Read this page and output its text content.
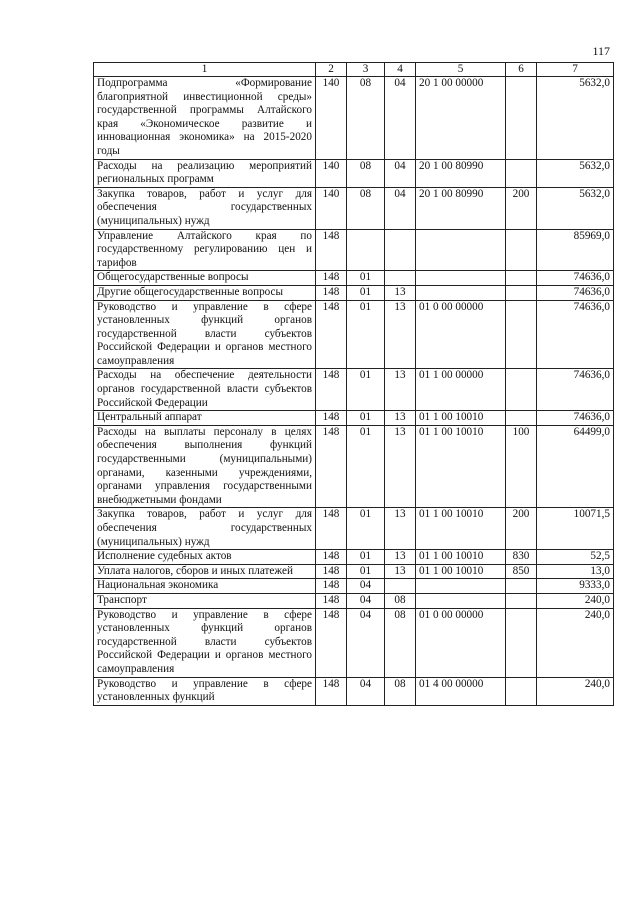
117
1	2	3	4	5	6	7
Подпрограмма «Формирование благоприятной инвестиционной среды» государственной программы Алтайского края «Экономическое развитие и инновационная экономика» на 2015-2020 годы	140	08	04	20 1 00 00000		5632,0
Расходы на реализацию мероприятий региональных программ	140	08	04	20 1 00 80990		5632,0
Закупка товаров, работ и услуг для обеспечения государственных (муниципальных) нужд	140	08	04	20 1 00 80990	200	5632,0
Управление Алтайского края по государственному регулированию цен и тарифов	148					85969,0
Общегосударственные вопросы	148	01				74636,0
Другие общегосударственные вопросы	148	01	13			74636,0
Руководство и управление в сфере установленных функций органов государственной власти субъектов Российской Федерации и органов местного самоуправления	148	01	13	01 0 00 00000		74636,0
Расходы на обеспечение деятельности органов государственной власти субъектов Российской Федерации	148	01	13	01 1 00 00000		74636,0
Центральный аппарат	148	01	13	01 1 00 10010		74636,0
Расходы на выплаты персоналу в целях обеспечения выполнения функций государственными (муниципальными) органами, казенными учреждениями, органами управления государственными внебюджетными фондами	148	01	13	01 1 00 10010	100	64499,0
Закупка товаров, работ и услуг для обеспечения государственных (муниципальных) нужд	148	01	13	01 1 00 10010	200	10071,5
Исполнение судебных актов	148	01	13	01 1 00 10010	830	52,5
Уплата налогов, сборов и иных платежей	148	01	13	01 1 00 10010	850	13,0
Национальная экономика	148	04				9333,0
Транспорт	148	04	08			240,0
Руководство и управление в сфере установленных функций органов государственной власти субъектов Российской Федерации и органов местного самоуправления	148	04	08	01 0 00 00000		240,0
Руководство и управление в сфере установленных функций	148	04	08	01 4 00 00000		240,0
